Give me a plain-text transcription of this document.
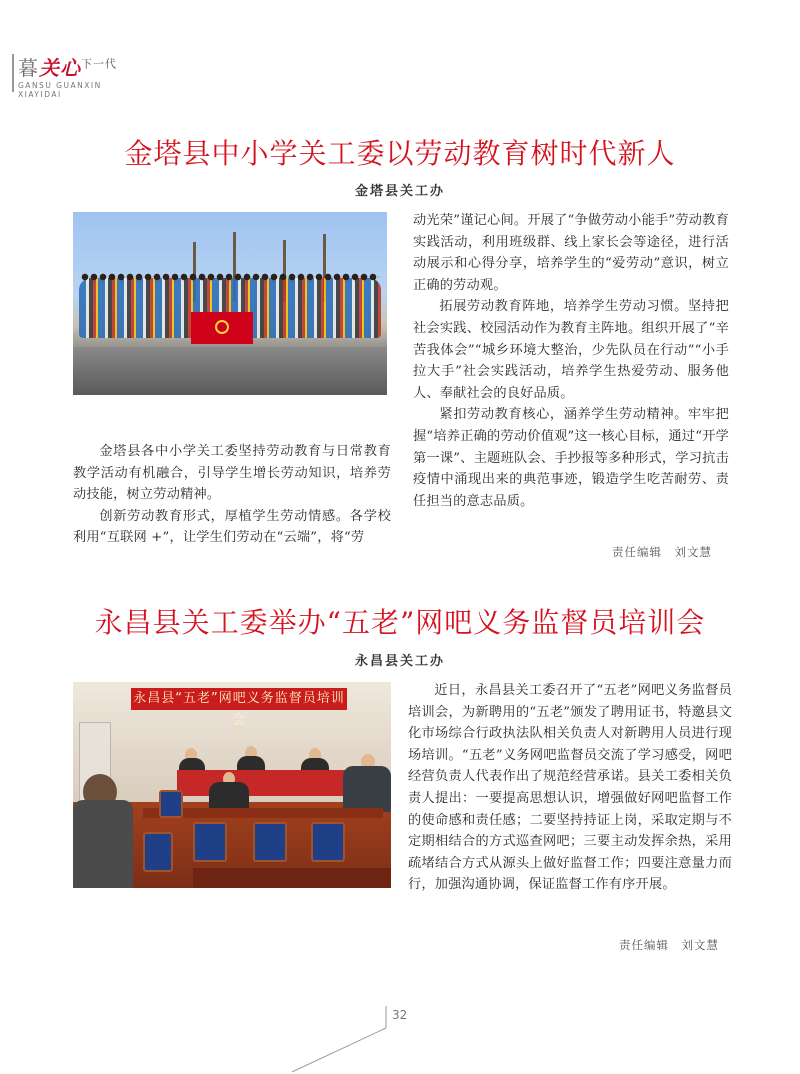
暮关心$^{下一代}$
GANSU GUANXIN
XIAYIDAI
金塔县中小学关工委以劳动教育树时代新人
金塔县关工办
金塔县各中小学关工委坚持劳动教育与日常教育教学活动有机融合，引导学生增长劳动知识，培养劳动技能，树立劳动精神。
创新劳动教育形式，厚植学生劳动情感。各学校利用“互联网 +”，让学生们劳动在“云端”，将“劳
动光荣”谨记心间。开展了“争做劳动小能手”劳动教育实践活动，利用班级群、线上家长会等途径，进行活动展示和心得分享，培养学生的“爱劳动”意识，树立正确的劳动观。
拓展劳动教育阵地，培养学生劳动习惯。坚持把社会实践、校园活动作为教育主阵地。组织开展了“辛苦我体会”“城乡环境大整治，少先队员在行动”“小手拉大手”社会实践活动，培养学生热爱劳动、服务他人、奉献社会的良好品质。
紧扣劳动教育核心，涵养学生劳动精神。牢牢把握“培养正确的劳动价值观”这一核心目标，通过“开学第一课”、主题班队会、手抄报等多种形式，学习抗击疫情中涌现出来的典范事迹，锻造学生吃苦耐劳、责任担当的意志品质。
责任编辑　刘文慧
永昌县关工委举办“五老”网吧义务监督员培训会
永昌县关工办
永昌县“五老”网吧义务监督员培训会
近日，永昌县关工委召开了“五老”网吧义务监督员培训会，为新聘用的“五老”颁发了聘用证书，特邀县文化市场综合行政执法队相关负责人对新聘用人员进行现场培训。“五老”义务网吧监督员交流了学习感受，网吧经营负责人代表作出了规范经营承诺。县关工委相关负责人提出：一要提高思想认识，增强做好网吧监督工作的使命感和责任感；二要坚持持证上岗，采取定期与不定期相结合的方式巡查网吧；三要主动发挥余热，采用疏堵结合方式从源头上做好监督工作；四要注意量力而行，加强沟通协调，保证监督工作有序开展。
责任编辑　刘文慧
32
